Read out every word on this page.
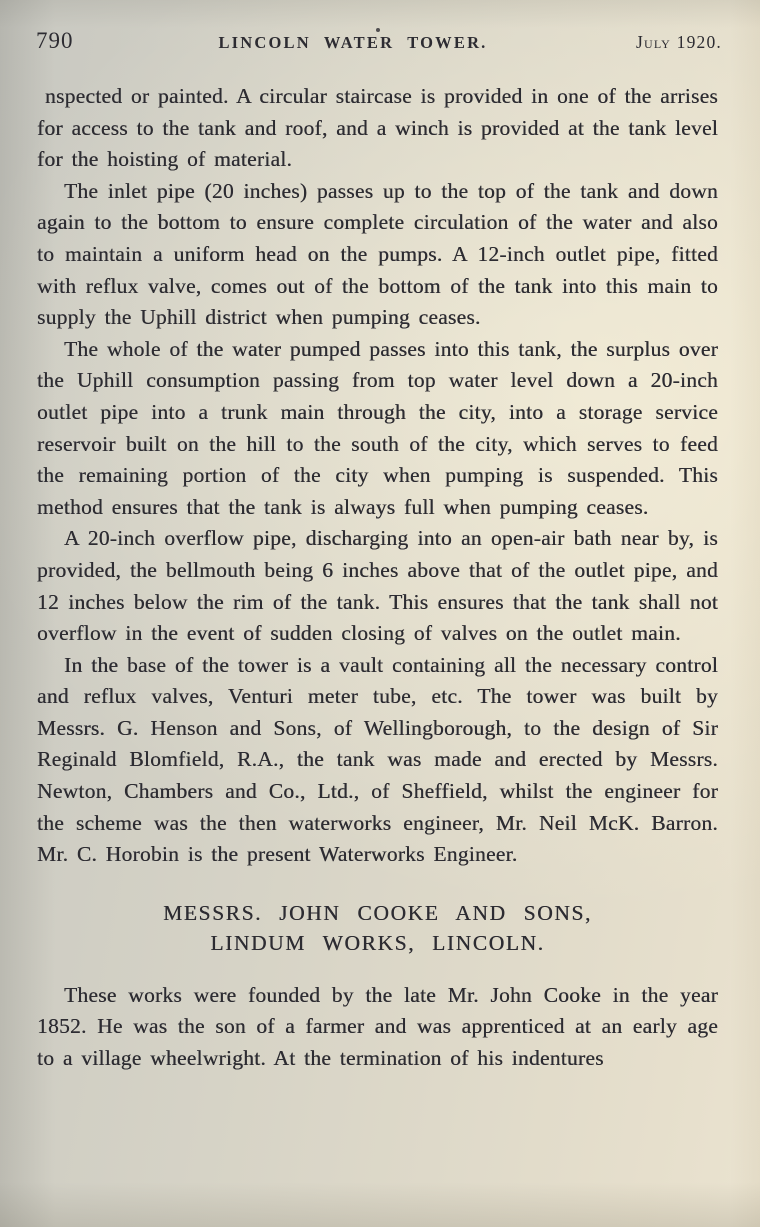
790	LINCOLN WATER TOWER.	July 1920.

nspected or painted. A circular staircase is provided in one of the arrises for access to the tank and roof, and a winch is provided at the tank level for the hoisting of material.

The inlet pipe (20 inches) passes up to the top of the tank and down again to the bottom to ensure complete circulation of the water and also to maintain a uniform head on the pumps. A 12-inch outlet pipe, fitted with reflux valve, comes out of the bottom of the tank into this main to supply the Uphill district when pumping ceases.

The whole of the water pumped passes into this tank, the surplus over the Uphill consumption passing from top water level down a 20-inch outlet pipe into a trunk main through the city, into a storage service reservoir built on the hill to the south of the city, which serves to feed the remaining portion of the city when pumping is suspended. This method ensures that the tank is always full when pumping ceases.

A 20-inch overflow pipe, discharging into an open-air bath near by, is provided, the bellmouth being 6 inches above that of the outlet pipe, and 12 inches below the rim of the tank. This ensures that the tank shall not overflow in the event of sudden closing of valves on the outlet main.

In the base of the tower is a vault containing all the necessary control and reflux valves, Venturi meter tube, etc. The tower was built by Messrs. G. Henson and Sons, of Wellingborough, to the design of Sir Reginald Blomfield, R.A., the tank was made and erected by Messrs. Newton, Chambers and Co., Ltd., of Sheffield, whilst the engineer for the scheme was the then waterworks engineer, Mr. Neil McK. Barron. Mr. C. Horobin is the present Waterworks Engineer.

MESSRS. JOHN COOKE AND SONS,
LINDUM WORKS, LINCOLN.

These works were founded by the late Mr. John Cooke in the year 1852. He was the son of a farmer and was apprenticed at an early age to a village wheelwright. At the termination of his indentures
